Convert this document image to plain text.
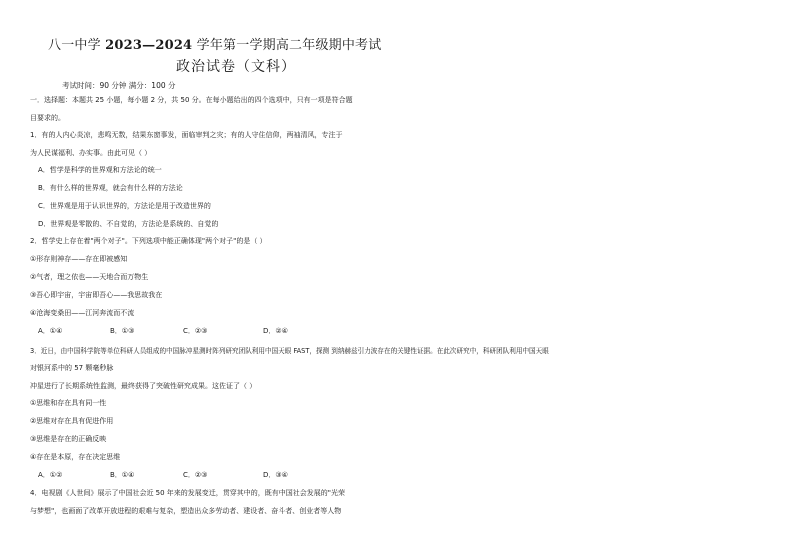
八一中学 2023—2024 学年第一学期高二年级期中考试
政治试卷（文科）
考试时间：90 分钟 满分：100 分
一．选择题：本题共 25 小题，每小题 2 分，共 50 分。在每小题给出的四个选项中，只有一项是符合题
目要求的。
1．有的人内心炎凉，悲鸣无数，结果东窗事发，面临审判之灾；有的人守住信仰，两袖清风，专注于
为人民谋福利、办实事。由此可见（ ）
A．哲学是科学的世界观和方法论的统一
B．有什么样的世界观，就会有什么样的方法论
C．世界观是用于认识世界的，方法论是用于改造世界的
D．世界观是零散的、不自觉的，方法论是系统的、自觉的
2．哲学史上存在着"两个对子"。下列选项中能正确体现"两个对子"的是（ ）
①形存则神存——存在即被感知
②气者，理之依也——天地合而万物生
③吾心即宇宙，宇宙即吾心——我思故我在
④沧海变桑田——江河奔流而不流
A．①④	B．①③	C．②③	D．②④
3．近日，由中国科学院等单位科研人员组成的中国脉冲星测时阵列研究团队利用中国天眼 FAST，探测 到纳赫兹引力波存在的关键性证据。在此次研究中，科研团队利用中国天眼
对银河系中的 57 颗毫秒脉
冲星进行了长期系统性监测，最终获得了突破性研究成果。这佐证了（ ）
①思维和存在具有同一性
②思维对存在具有促进作用
③思维是存在的正确反映
④存在是本原，存在决定思维
A．①②	B．①④	C．②③	D．③④
4．电视剧《人世间》展示了中国社会近 50 年来的发展变迁，贯穿其中的，既有中国社会发展的"光荣
与梦想"，也画面了改革开放进程的艰难与复杂，塑造出众多劳动者、建设者、奋斗者、创业者等人物
